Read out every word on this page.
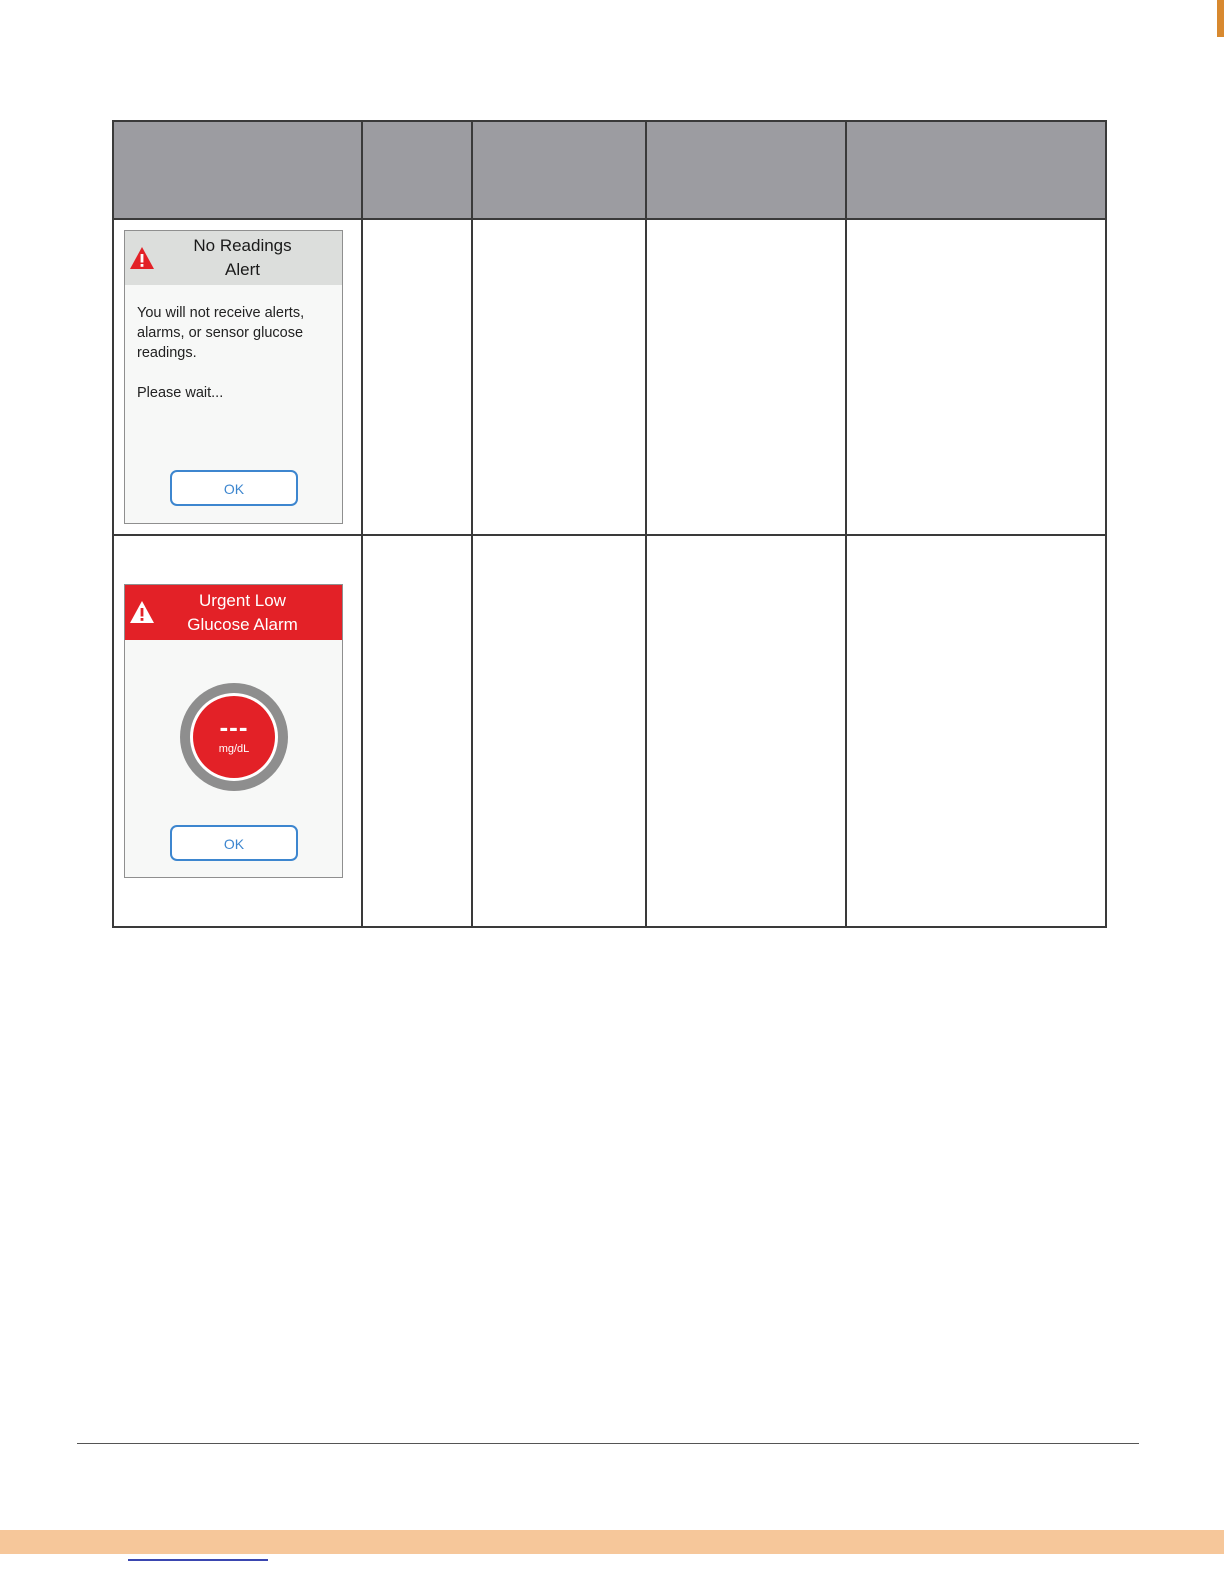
No Readings
Alert

You will not receive alerts, alarms, or sensor glucose readings.

Please wait...

OK				

Urgent Low
Glucose Alarm
---
mg/dL
OK				
